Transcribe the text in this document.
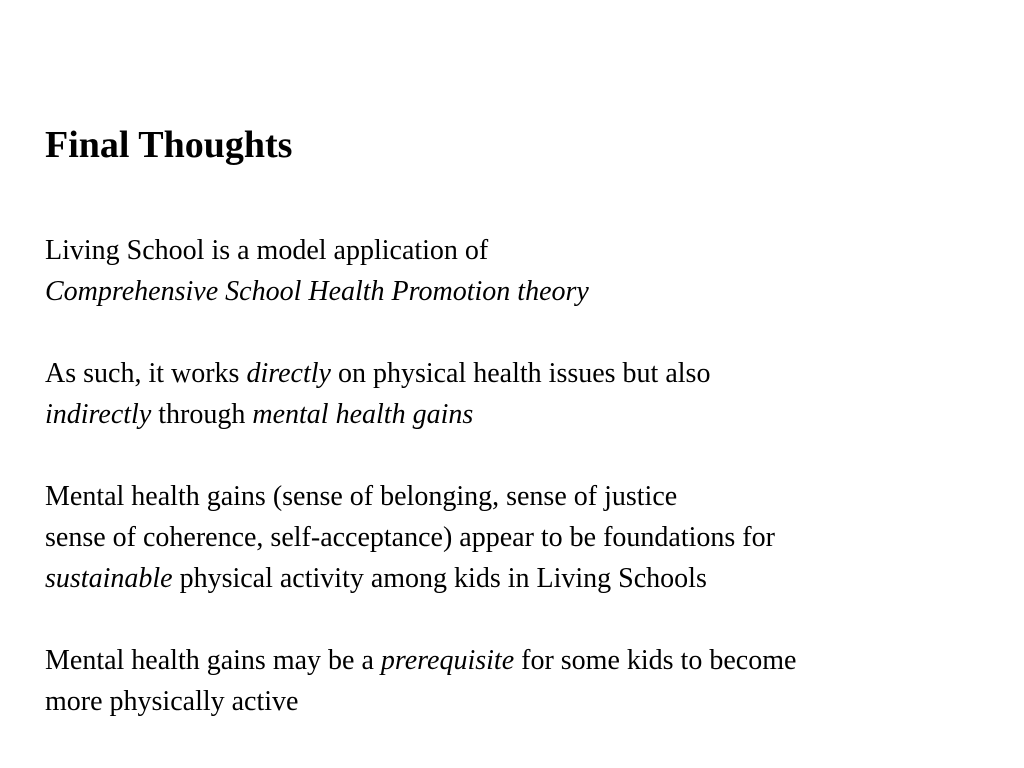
Final Thoughts

Living School is a model application of
Comprehensive School Health Promotion theory

As such, it works directly on physical health issues but also
indirectly through mental health gains

Mental health gains (sense of belonging, sense of justice
sense of coherence, self-acceptance) appear to be foundations for
sustainable physical activity among kids in Living Schools

Mental health gains may be a prerequisite for some kids to become
more physically active
